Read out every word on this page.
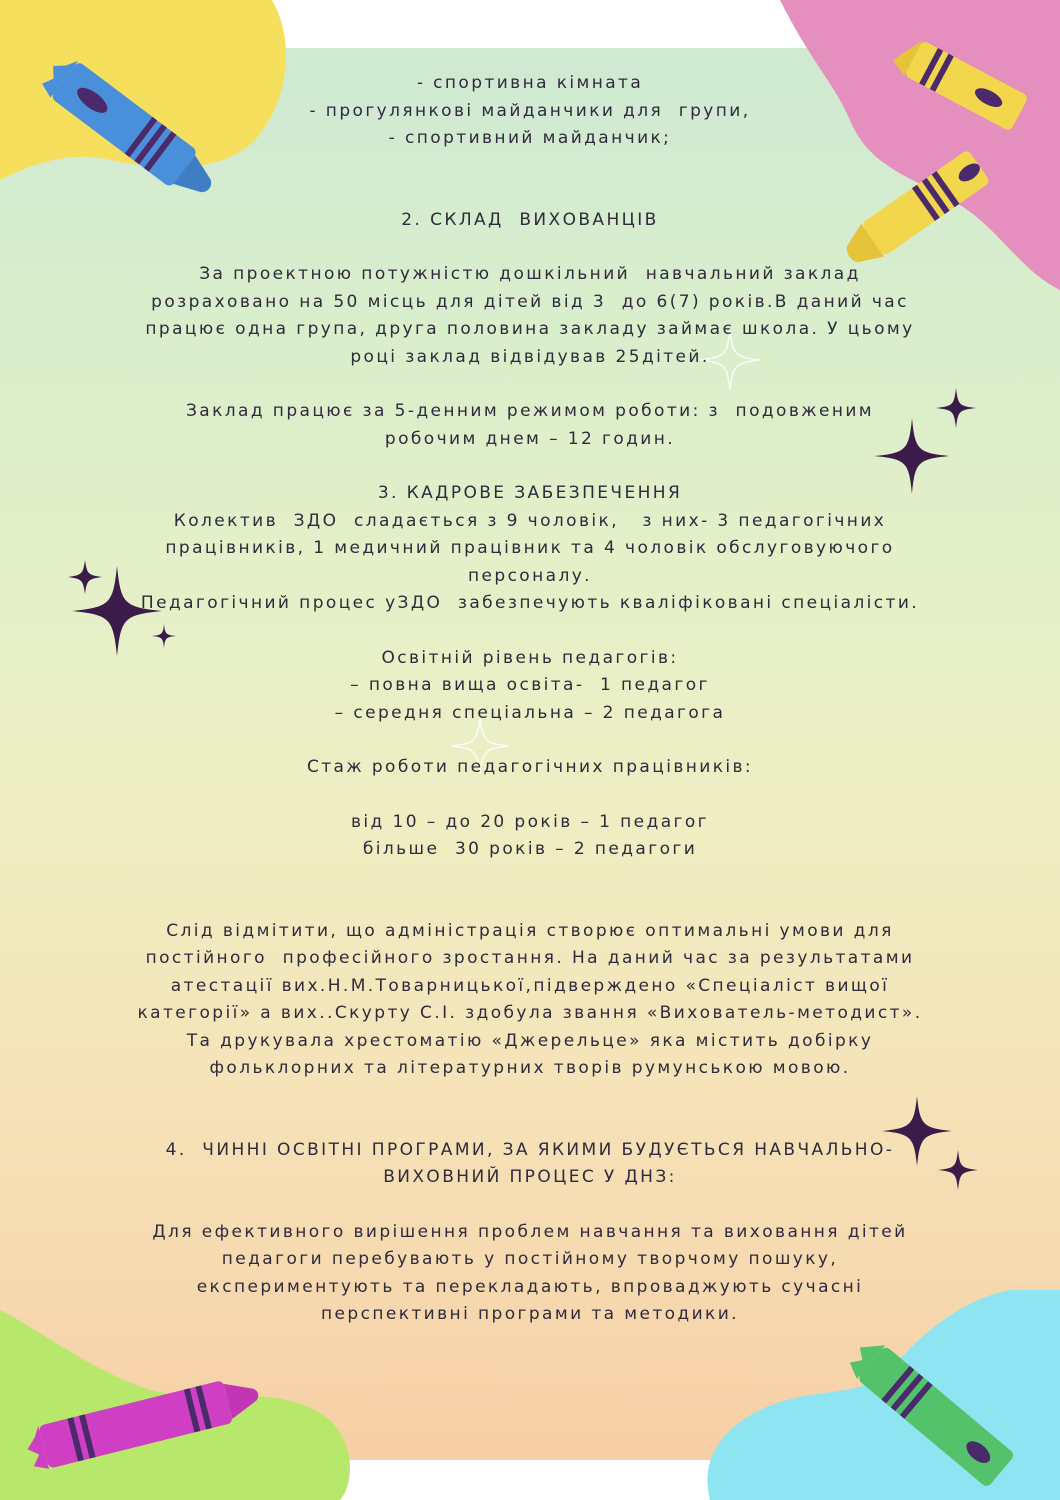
- спортивна кімната

- прогулянкові майданчики для  групи,

- спортивний майданчик;

2. СКЛАД  ВИХОВАНЦІВ

За проектною потужністю дошкільний  навчальний заклад

розраховано на 50 місць для дітей від 3  до 6(7) років.В даний час

працює одна група, друга половина закладу займає школа. У цьому

році заклад відвідував 25дітей.

Заклад працює за 5-денним режимом роботи: з  подовженим

робочим днем – 12 годин.

3. КАДРОВЕ ЗАБЕЗПЕЧЕННЯ

Колектив  ЗДО  сладається з 9 чоловік,   з них- 3 педагогічних

працівників, 1 медичний працівник та 4 чоловік обслуговуючого

персоналу.

Педагогічний процес уЗДО  забезпечують кваліфіковані спеціалісти.

Освітній рівень педагогів:

– повна вища освіта-  1 педагог

– середня спеціальна – 2 педагога

Стаж роботи педагогічних працівників:

від 10 – до 20 років – 1 педагог

більше  30 років – 2 педагоги

Слід відмітити, що адміністрація створює оптимальні умови для

постійного  професійного зростання. На даний час за результатами

атестації вих.Н.М.Товарницької,підверждено «Спеціаліст вищої

категорії» а вих..Скурту С.І. здобула звання «Вихователь-методист».

Та друкувала хрестоматію «Джерельце» яка містить добірку

фольклорних та літературних творів румунською мовою.

4.  ЧИННІ ОСВІТНІ ПРОГРАМИ, ЗА ЯКИМИ БУДУЄТЬСЯ НАВЧАЛЬНО-

ВИХОВНИЙ ПРОЦЕС У ДНЗ:

Для ефективного вирішення проблем навчання та виховання дітей

педагоги перебувають у постійному творчому пошуку,

експериментують та перекладають, впроваджують сучасні

перспективні програми та методики.
